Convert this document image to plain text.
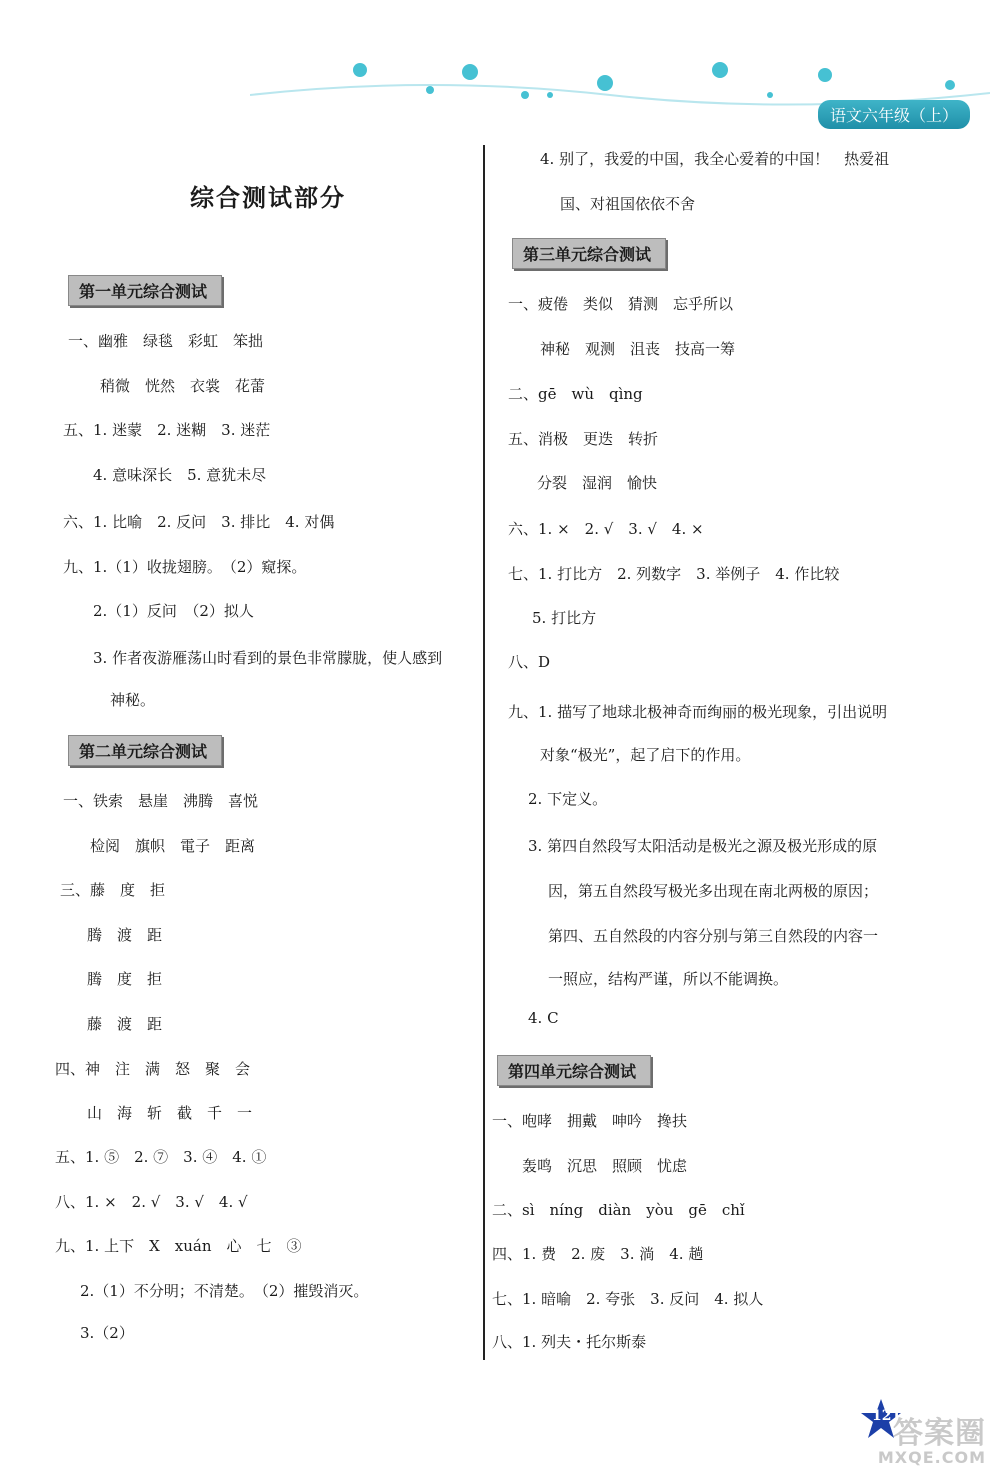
语文六年级（上）
综合测试部分
第一单元综合测试
一、幽雅　绿毯　彩虹　笨拙
稍微　恍然　衣裳　花蕾
五、1. 迷蒙　2. 迷糊　3. 迷茫
4. 意味深长　5. 意犹未尽
六、1. 比喻　2. 反问　3. 排比　4. 对偶
九、1.（1）收拢翅膀。　（2）窥探。
2.（1）反问　（2）拟人
3. 作者夜游雁荡山时看到的景色非常朦胧，使人感到
神秘。
第二单元综合测试
一、铁索　悬崖　沸腾　喜悦
检阅　旗帜　電子　距离
三、藤　度　拒
腾　渡　距
腾　度　拒
藤　渡　距
四、神　注　满　怒　聚　会
山　海　斩　截　千　一
五、1. ⑤　2. ⑦　3. ④　4. ①
八、1. ×　2. √　3. √　4. √
九、1. 上下　X　xuán　心　七　③
2.（1）不分明；不清楚。　（2）摧毁消灭。
3.（2）
4. 别了，我爱的中国，我全心爱着的中国！　热爱祖
国、对祖国依依不舍
第三单元综合测试
一、疲倦　类似　猜测　忘乎所以
神秘　观测　沮丧　技高一筹
二、gē　wù　qìng
五、消极　更迭　转折
分裂　湿润　愉快
六、1. ×　2. √　3. √　4. ×
七、1. 打比方　2. 列数字　3. 举例子　4. 作比较
5. 打比方
八、D
九、1. 描写了地球北极神奇而绚丽的极光现象，引出说明
对象“极光”，起了启下的作用。
2. 下定义。
3. 第四自然段写太阳活动是极光之源及极光形成的原
因，第五自然段写极光多出现在南北两极的原因；
第四、五自然段的内容分别与第三自然段的内容一
一照应，结构严谨，所以不能调换。
4. C
第四单元综合测试
一、咆哮　拥戴　呻吟　搀扶
轰鸣　沉思　照顾　忧虑
二、sì　níng　diàn　yòu　gē　chǐ
四、1. 费　2. 废　3. 淌　4. 趟
七、1. 暗喻　2. 夸张　3. 反问　4. 拟人
八、1. 列夫・托尔斯泰
121
答案圈
MXQE.COM
